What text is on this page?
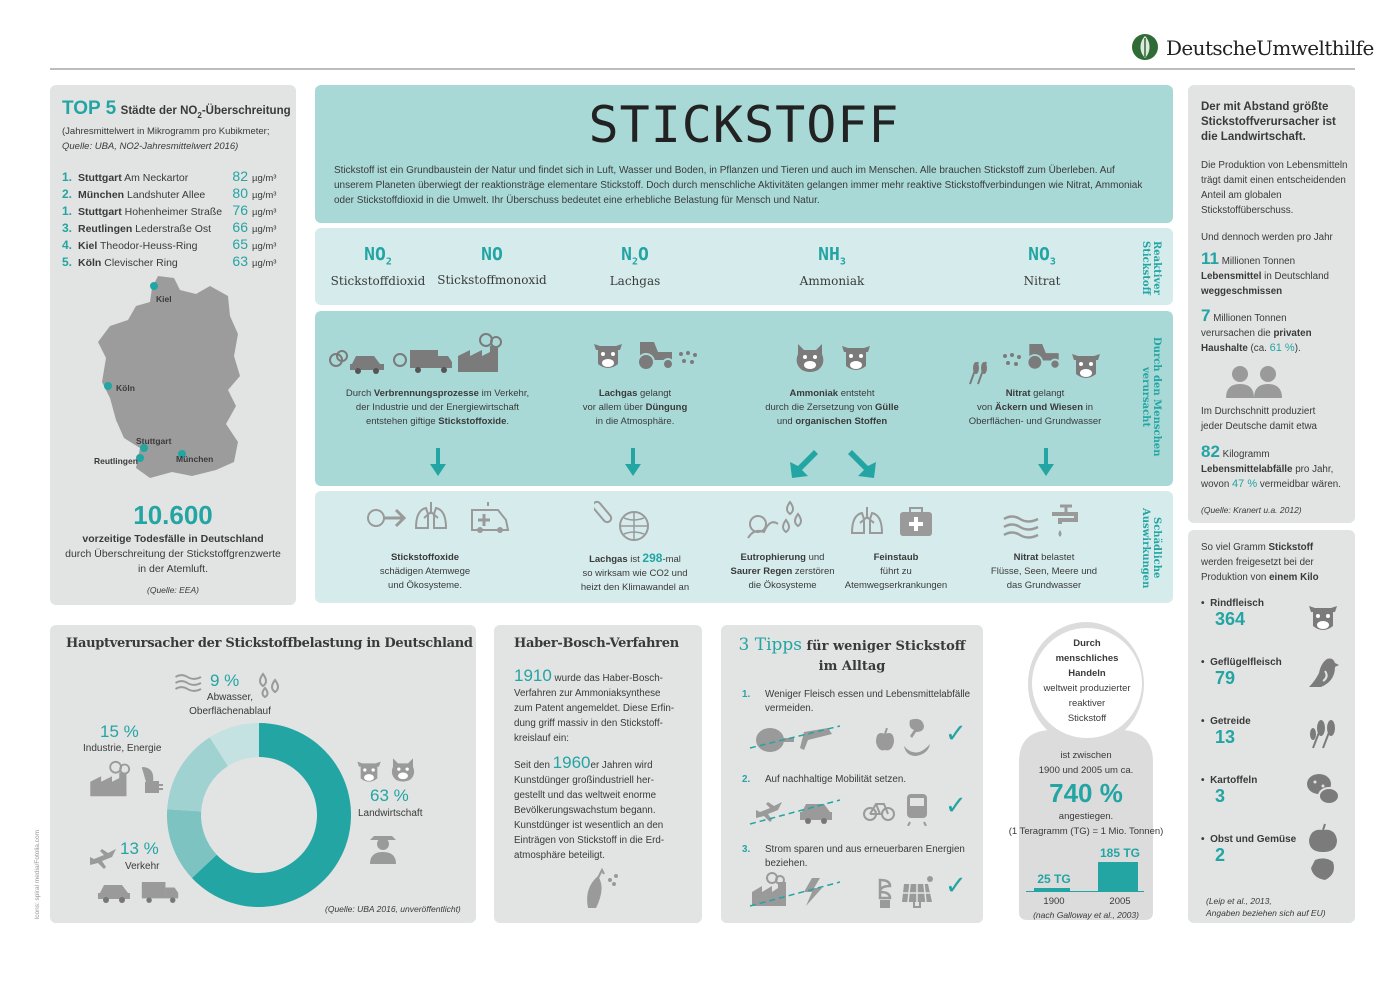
DeutscheUmwelthilfe
TOP 5 Städte der $NO_2$-Überschreitung
(Jahresmittelwert in Mikrogramm pro Kubikmeter;
Quelle: UBA, NO2-Jahresmittelwert 2016)
1. Stuttgart Am Neckartor	82 µg/m³
2. München Landshuter Allee	80 µg/m³
1. Stuttgart Hohenheimer Straße 76 µg/m³
3. Reutlingen Lederstraße Ost	66 µg/m³
4. Kiel Theodor-Heuss-Ring	65 µg/m³
5. Köln Clevischer Ring	63 µg/m³
Kiel
Köln
Stuttgart
Reutlingen	München
10.600
vorzeitige Todesfälle in Deutschland
durch Überschreitung der Stickstoffgrenzwerte
in der Atemluft.
(Quelle: EEA)
STICKSTOFF
Stickstoff ist ein Grundbaustein der Natur und findet sich in Luft, Wasser und Boden, in Pflanzen und Tieren und auch im Menschen. Alle brauchen Stickstoff zum Überleben. Auf unserem Planeten überwiegt der reaktionsträge elementare Stickstoff. Doch durch menschliche Aktivitäten gelangen immer mehr reaktive Stickstoffverbindungen wie Nitrat, Ammoniak oder Stickstoffdioxid in die Umwelt. Ihr Überschuss bedeutet eine erhebliche Belastung für Mensch und Natur.
$NO_2$
Stickstoffdioxid
NO
Stickstoffmonoxid
$N_2O$
Lachgas
$NH_3$
Ammoniak
$NO_3$
Nitrat	Reaktiver Stickstoff
Durch Verbrennungsprozesse im Verkehr,
der Industrie und der Energiewirtschaft
entstehen giftige Stickstoffoxide.
Lachgas gelangt
vor allem über Düngung
in die Atmosphäre.
Ammoniak entsteht
durch die Zersetzung von Gülle
und organischen Stoffen
Nitrat gelangt
von Äckern und Wiesen in
Oberflächen- und Grundwasser	Durch den Menschen verursacht
Stickstoffoxide
schädigen Atemwege
und Ökosysteme.
Lachgas ist 298-mal
so wirksam wie CO2 und
heizt den Klimawandel an
Eutrophierung und
Saurer Regen zerstören
die Ökosysteme
Feinstaub
führt zu
Atemwegserkrankungen
Nitrat belastet
Flüsse, Seen, Meere und
das Grundwasser
Schädliche Auswirkungen
Der mit Abstand größte Stickstoffverursacher ist die Landwirtschaft.
Die Produktion von Lebensmitteln trägt damit einen entscheidenden Anteil am globalen Stickstoffüberschuss.
Und dennoch werden pro Jahr
11 Millionen Tonnen
Lebensmittel in Deutschland
weggeschmissen
7 Millionen Tonnen
verursachen die privaten
Haushalte (ca. 61 %).
Im Durchschnitt produziert
jeder Deutsche damit etwa
82 Kilogramm
Lebensmittelabfälle pro Jahr,
wovon 47 % vermeidbar wären.
(Quelle: Kranert u.a. 2012)
So viel Gramm Stickstoff
werden freigesetzt bei der
Produktion von einem Kilo
• Rindfleisch
364
• Geflügelfleisch
79
• Getreide
13
• Kartoffeln
3
• Obst und Gemüse
2
(Leip et al., 2013,
Angaben beziehen sich auf EU)
Hauptverursacher der Stickstoffbelastung in Deutschland
9 %
Abwasser,
Oberflächenablauf
15 %
Industrie, Energie
63 %
Landwirtschaft
13 %
Verkehr
(Quelle: UBA 2016, unveröffentlicht)
Haber-Bosch-Verfahren
1910 wurde das Haber-Bosch-
Verfahren zur Ammoniaksynthese
zum Patent angemeldet. Diese Erfin-
dung griff massiv in den Stickstoff-
kreislauf ein:
Seit den 1960er Jahren wird
Kunstdünger großindustriell her-
gestellt und das weltweit enorme
Bevölkerungswachstum begann.
Kunstdünger ist wesentlich an den
Einträgen von Stickstoff in die Erd-
atmosphäre beteiligt.
3 Tipps für weniger Stickstoff
im Alltag
1. Weniger Fleisch essen und Lebensmittelabfälle
vermeiden.
2. Auf nachhaltige Mobilität setzen.
3. Strom sparen und aus erneuerbaren Energien
beziehen.
✓
✓
✓
Durch
menschliches
Handeln
weltweit produzierter
reaktiver
Stickstoff
ist zwischen
1900 und 2005 um ca.
740 %
angestiegen.
(1 Teragramm (TG) = 1 Mio. Tonnen)
25 TG
185 TG
1900	2005
(nach Galloway et al., 2003)
Icons: spiral media/Fotolia.com
